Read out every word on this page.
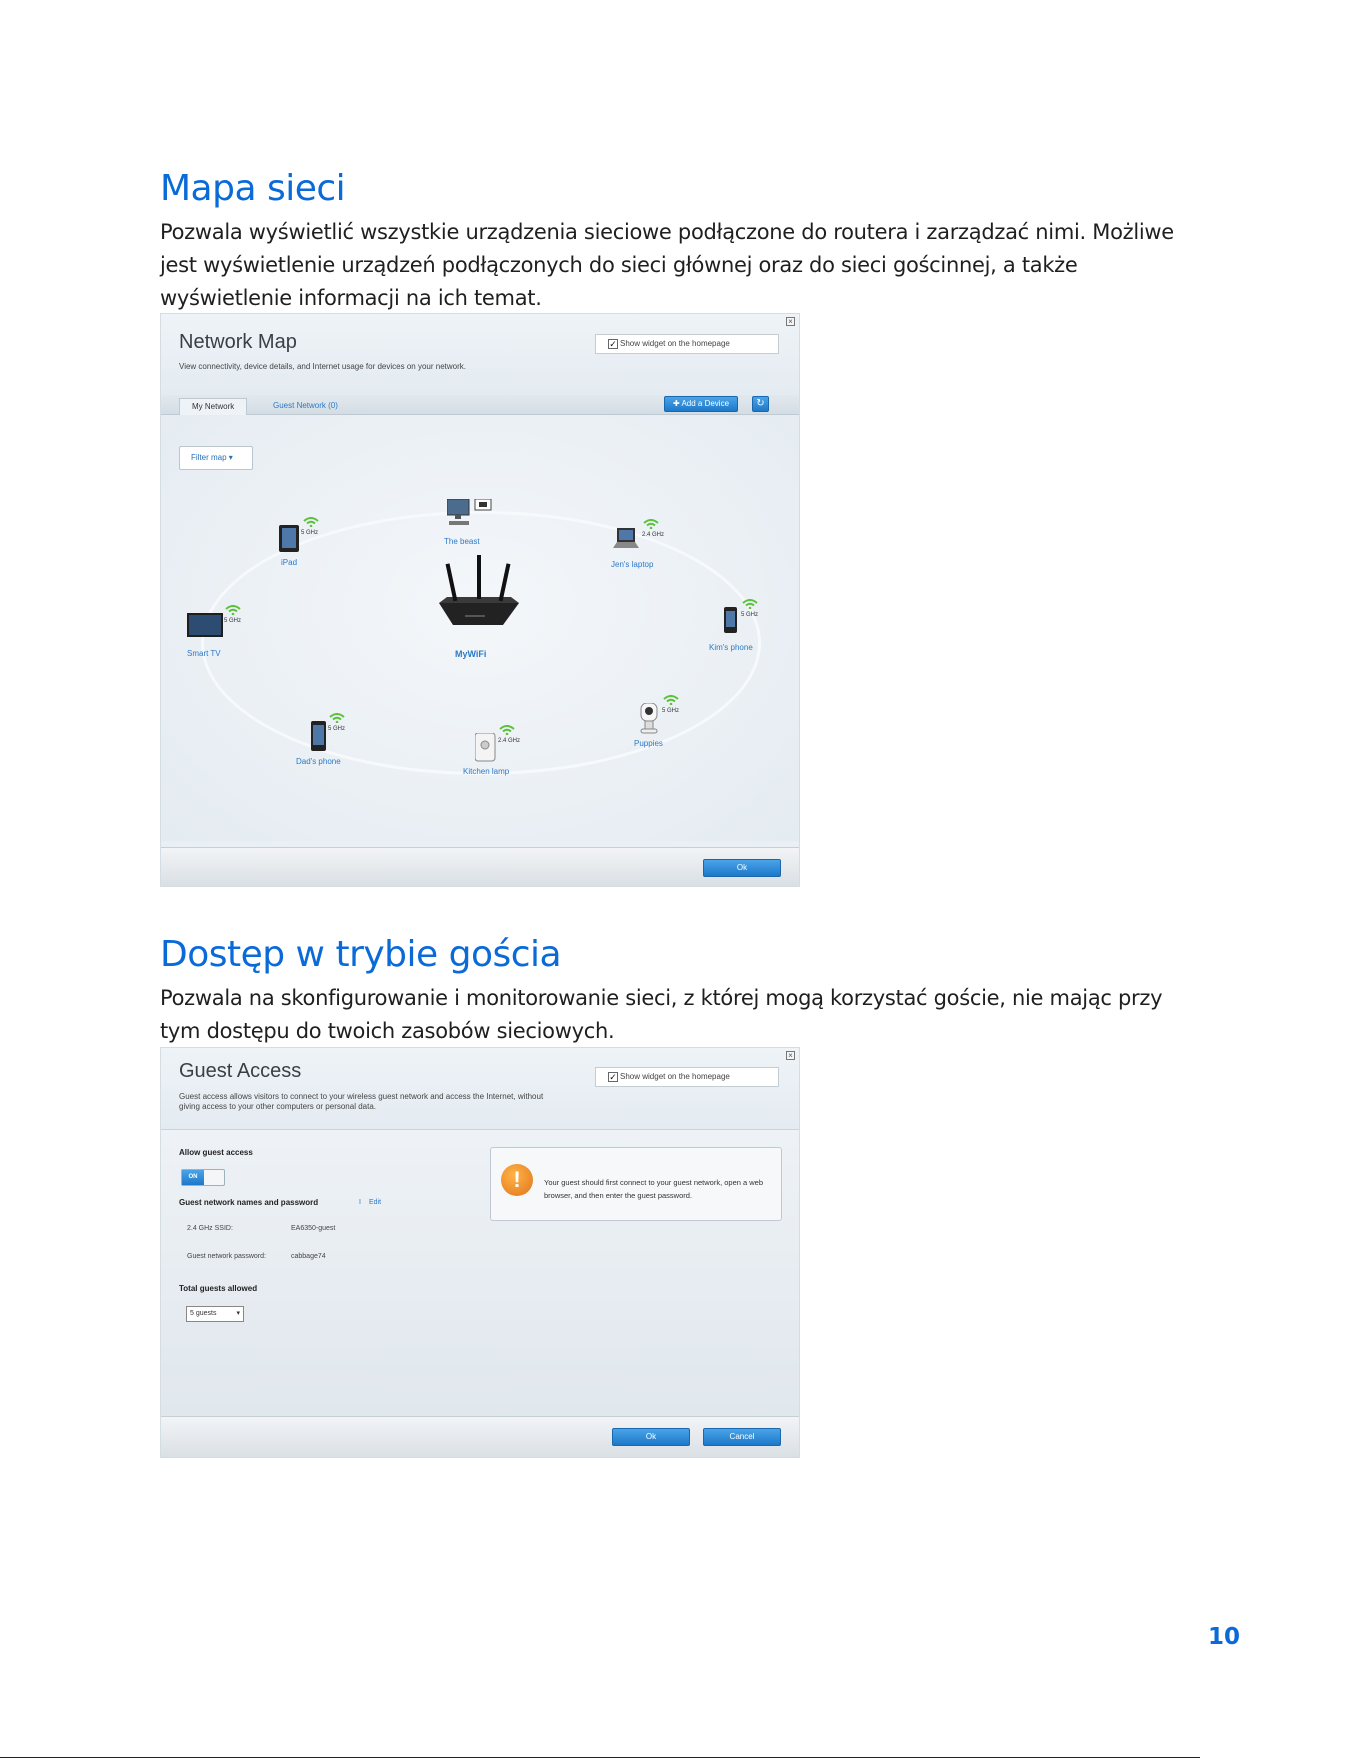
Mapa sieci
Pozwala wyświetlić wszystkie urządzenia sieciowe podłączone do routera i zarządzać nimi. Możliwe
jest wyświetlenie urządzeń podłączonych do sieci głównej oraz do sieci gościnnej, a także
wyświetlenie informacji na ich temat.
Network Map
View connectivity, device details, and Internet usage for devices on your network.
✓ Show widget on the homepage
×
My Network	Guest Network (0)	✚ Add a Device	↻
Filter map ▾
MyWiFi
The beast
5 GHz
iPad
2.4 GHz
Jen's laptop
5 GHz
Smart TV
5 GHz
Kim's phone
5 GHz
Dad's phone
2.4 GHz
Kitchen lamp
5 GHz
Puppies
Ok
Dostęp w trybie gościa
Pozwala na skonfigurowanie i monitorowanie sieci, z której mogą korzystać goście, nie mając przy
tym dostępu do twoich zasobów sieciowych.
Guest Access
Guest access allows visitors to connect to your wireless guest network and access the Internet, without
giving access to your other computers or personal data.
✓ Show widget on the homepage
×
Allow guest access
ON
Guest network names and password	I Edit
2.4 GHz SSID:	EA6350-guest
Guest network password:	cabbage74
Total guests allowed
5 guests	▾
!	Your guest should first connect to your guest network, open a web browser, and then enter the guest password.
Ok	Cancel
10
